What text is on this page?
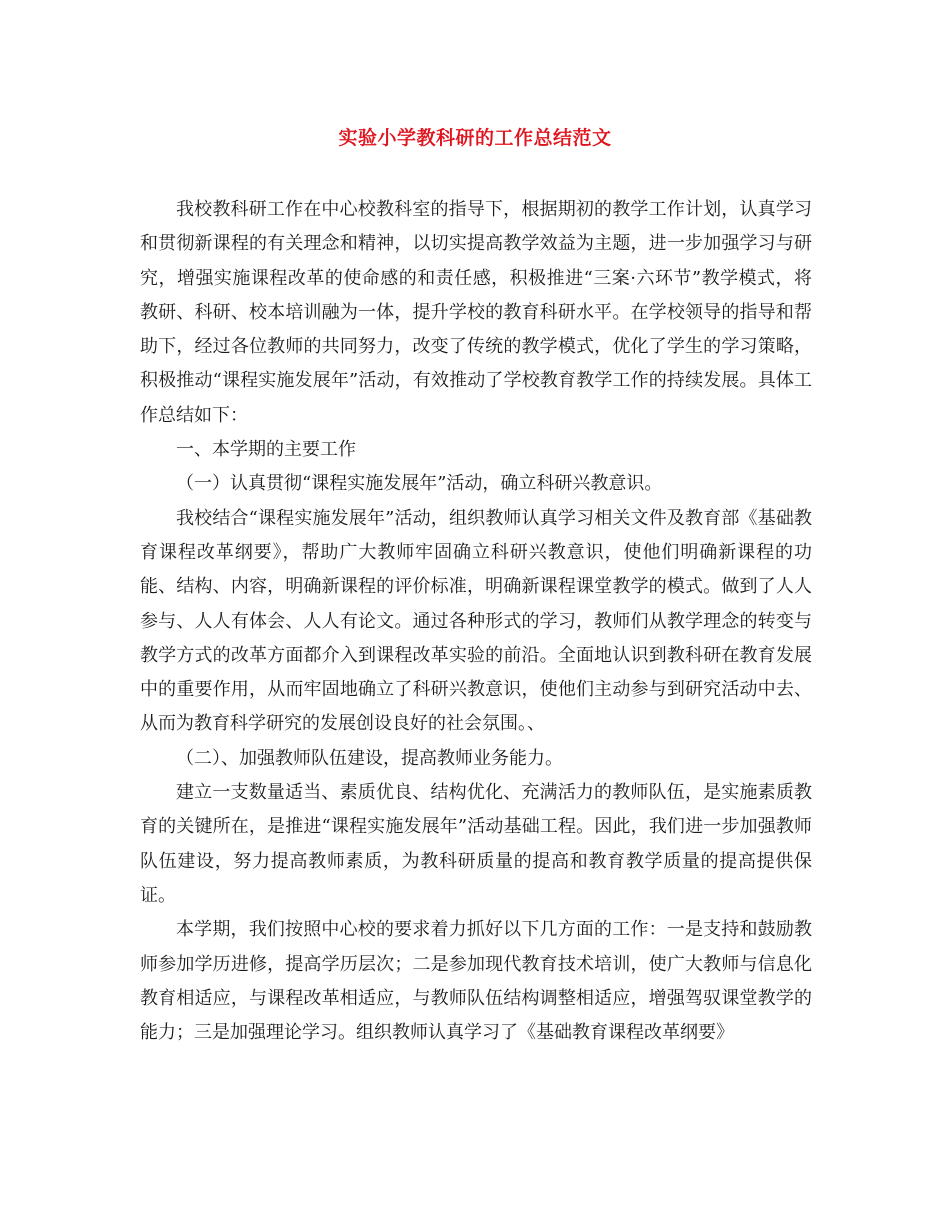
实验小学教科研的工作总结范文

我校教科研工作在中心校教科室的指导下，根据期初的教学工作计划，认真学习和贯彻新课程的有关理念和精神，以切实提高教学效益为主题，进一步加强学习与研究，增强实施课程改革的使命感的和责任感，积极推进“三案·六环节”教学模式，将教研、科研、校本培训融为一体，提升学校的教育科研水平。在学校领导的指导和帮助下，经过各位教师的共同努力，改变了传统的教学模式，优化了学生的学习策略，积极推动“课程实施发展年”活动，有效推动了学校教育教学工作的持续发展。具体工作总结如下：

一、本学期的主要工作

（一）认真贯彻“课程实施发展年”活动，确立科研兴教意识。

我校结合“课程实施发展年”活动，组织教师认真学习相关文件及教育部《基础教育课程改革纲要》，帮助广大教师牢固确立科研兴教意识，使他们明确新课程的功能、结构、内容，明确新课程的评价标准，明确新课程课堂教学的模式。做到了人人参与、人人有体会、人人有论文。通过各种形式的学习，教师们从教学理念的转变与教学方式的改革方面都介入到课程改革实验的前沿。全面地认识到教科研在教育发展中的重要作用，从而牢固地确立了科研兴教意识，使他们主动参与到研究活动中去、从而为教育科学研究的发展创设良好的社会氛围。、

（二）、加强教师队伍建设，提高教师业务能力。

建立一支数量适当、素质优良、结构优化、充满活力的教师队伍，是实施素质教育的关键所在，是推进“课程实施发展年”活动基础工程。因此，我们进一步加强教师队伍建设，努力提高教师素质，为教科研质量的提高和教育教学质量的提高提供保证。

本学期，我们按照中心校的要求着力抓好以下几方面的工作：一是支持和鼓励教师参加学历进修，提高学历层次；二是参加现代教育技术培训，使广大教师与信息化教育相适应，与课程改革相适应，与教师队伍结构调整相适应，增强驾驭课堂教学的能力；三是加强理论学习。组织教师认真学习了《基础教育课程改革纲要》
